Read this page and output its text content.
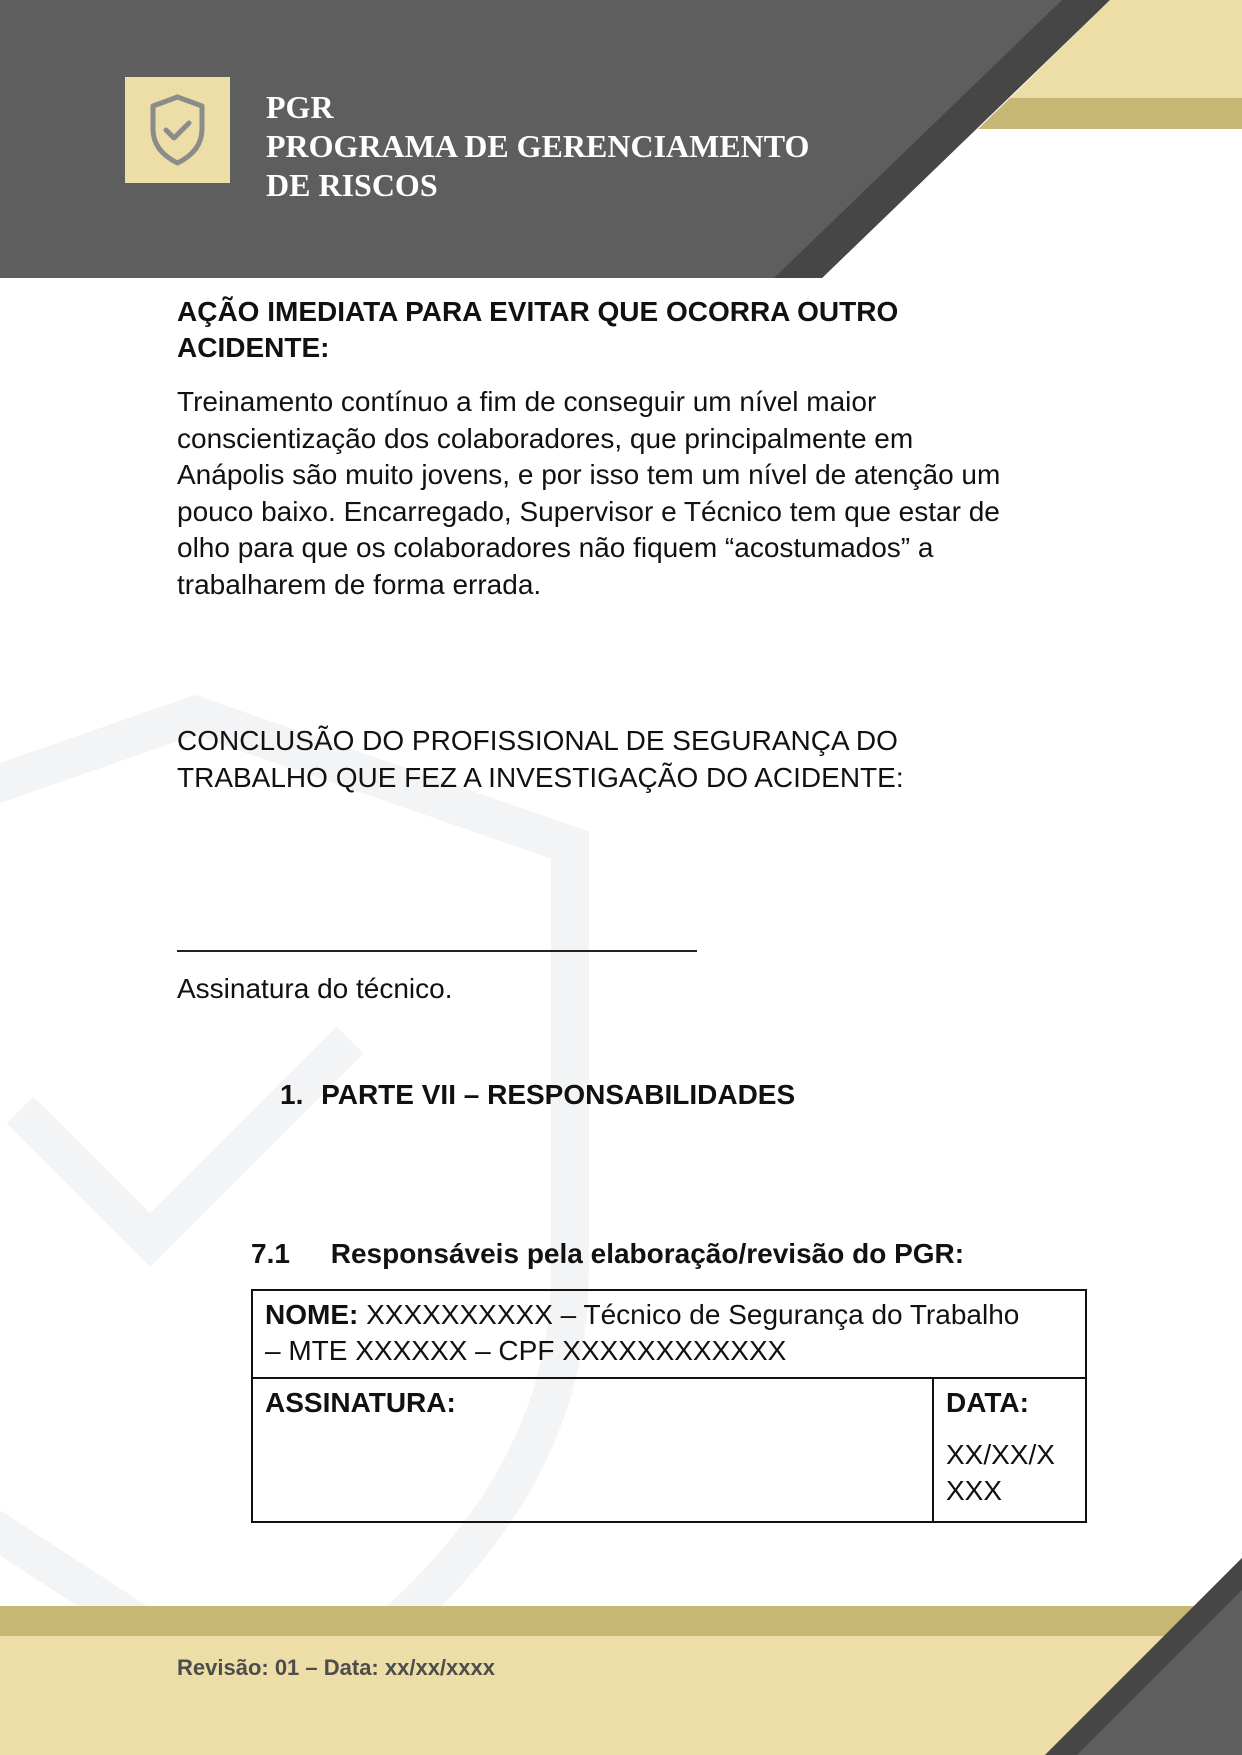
PGR
PROGRAMA DE GERENCIAMENTO
DE RISCOS
AÇÃO IMEDIATA PARA EVITAR QUE OCORRA OUTRO
ACIDENTE:
Treinamento contínuo a fim de conseguir um nível maior
conscientização dos colaboradores, que principalmente em
Anápolis são muito jovens, e por isso tem um nível de atenção um
pouco baixo. Encarregado, Supervisor e Técnico tem que estar de
olho para que os colaboradores não fiquem “acostumados” a
trabalharem de forma errada.
CONCLUSÃO DO PROFISSIONAL DE SEGURANÇA DO
TRABALHO QUE FEZ A INVESTIGAÇÃO DO ACIDENTE:
Assinatura do técnico.
1. PARTE VII – RESPONSABILIDADES
7.1 Responsáveis pela elaboração/revisão do PGR:
NOME: XXXXXXXXXX – Técnico de Segurança do Trabalho
– MTE XXXXXX – CPF XXXXXXXXXXXX

ASSINATURA:	DATA:
XX/XX/X
XXX
Revisão: 01 – Data: xx/xx/xxxx
